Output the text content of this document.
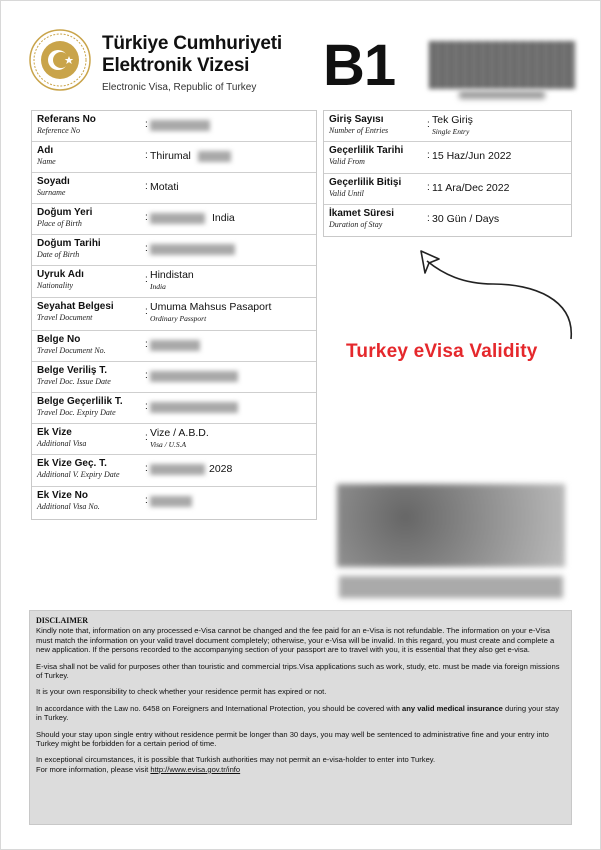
Türkiye Cumhuriyeti
Elektronik Vizesi
Electronic Visa, Republic of Turkey B1
Referans No
Reference No
:
Adı
Name
: Thirumal
Soyadı
Surname
: Motati
Doğum Yeri
Place of Birth
:	India
Doğum Tarihi
Date of Birth
:
Uyruk Adı
Nationality
: Hindistan
India
Seyahat Belgesi
Travel Document
: Umuma Mahsus Pasaport
Ordinary Passport
Belge No
Travel Document No.
:
Belge Veriliş T.
Travel Doc. Issue Date
:
Belge Geçerlilik T.
Travel Doc. Expiry Date
:
Ek Vize
Additional Visa
: Vize / A.B.D.
Visa / U.S.A
Ek Vize Geç. T.
Additional V. Expiry Date
:	2028
Ek Vize No
Additional Visa No.
:
Giriş Sayısı
Number of Entries
: Tek Giriş
Single Entry
Geçerlilik Tarihi
Valid From
: 15 Haz/Jun 2022
Geçerlilik Bitişi
Valid Until
: 11 Ara/Dec 2022
İkamet Süresi
Duration of Stay
: 30 Gün / Days
Turkey eVisa Validity
DISCLAIMER

Kindly note that, information on any processed e-Visa cannot be changed and the fee paid for an e-Visa is not refundable. The information on your e-Visa must match the information on your valid travel document completely; otherwise, your e-Visa will be invalid. In this regard, you must create and complete a new application. If the persons recorded to the accompanying section of your passport are to travel with you, it is essential that they also get e-visa.

E-visa shall not be valid for purposes other than touristic and commercial trips.Visa applications such as work, study, etc. must be made via foreign missions of Turkey.

It is your own responsibility to check whether your residence permit has expired or not.

In accordance with the Law no. 6458 on Foreigners and International Protection, you should be covered with any valid medical insurance during your stay in Turkey.

Should your stay upon single entry without residence permit be longer than 30 days, you may well be sentenced to administrative fine and your entry into Turkey might be forbidden for a certain period of time.

In exceptional circumstances, it is possible that Turkish authorities may not permit an e-visa-holder to enter into Turkey.

For more information, please visit http://www.evisa.gov.tr/info
